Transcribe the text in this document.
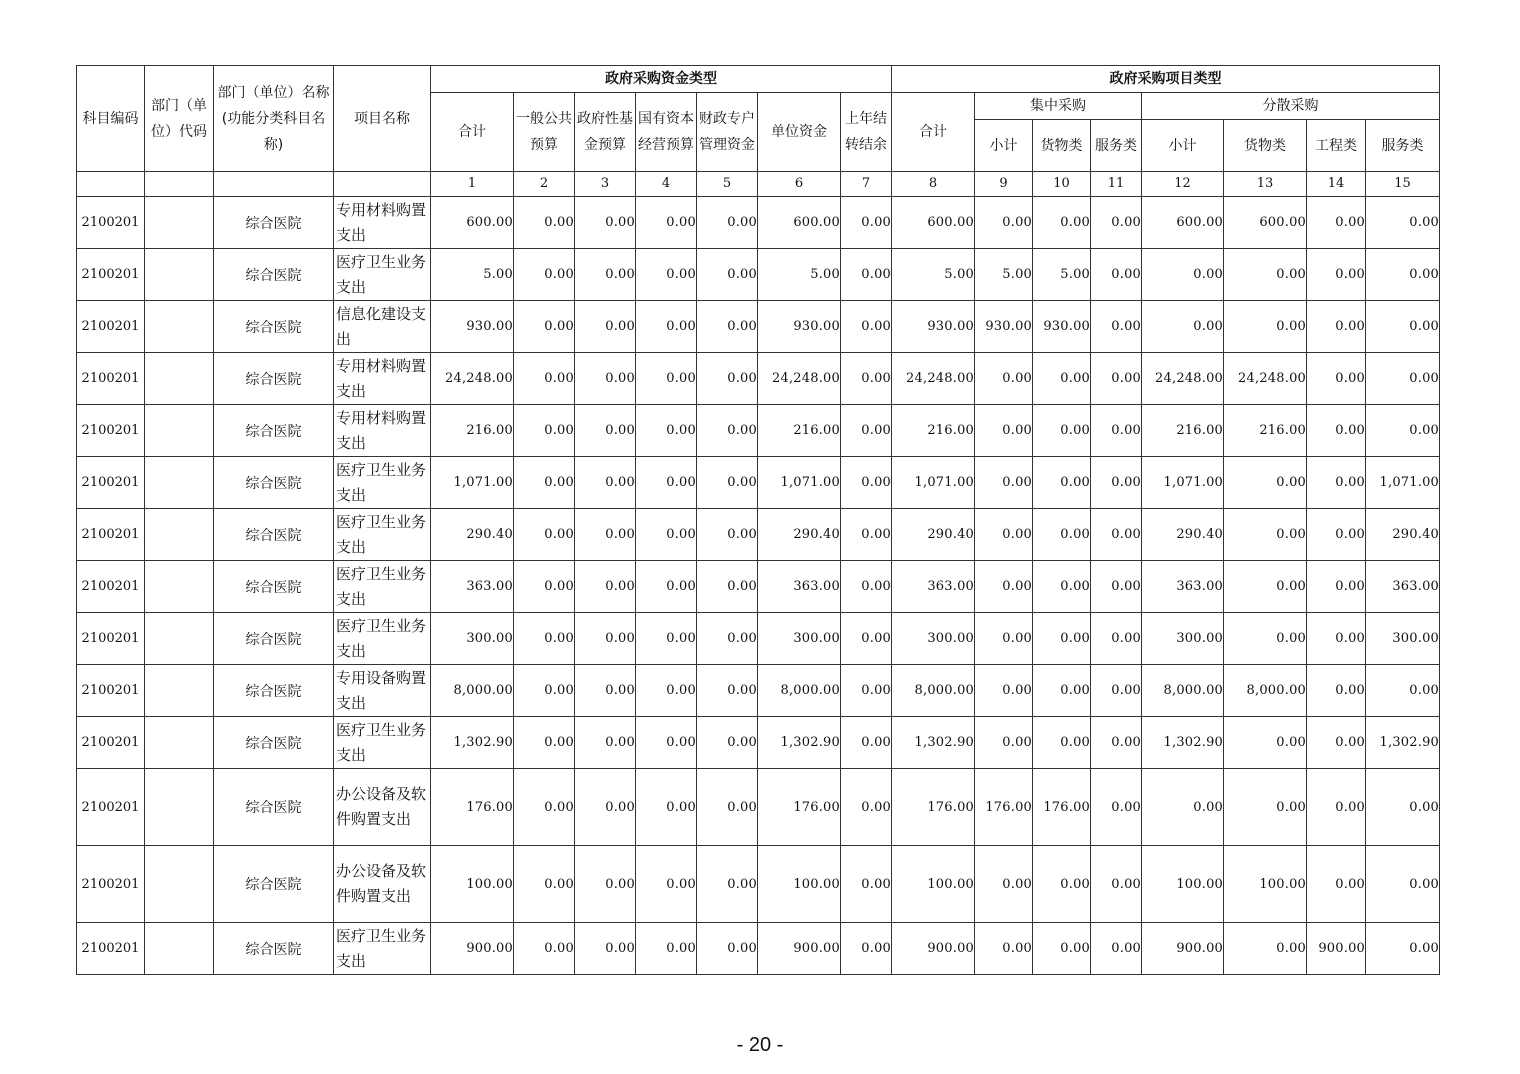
科目编码	部门（单位）代码	部门（单位）名称(功能分类科目名称)	项目名称	政府采购资金类型							政府采购项目类型							
				合计	一般公共预算	政府性基金预算	国有资本经营预算	财政专户管理资金	单位资金	上年结转结余	合计	集中采购			分散采购			
												小计	货物类	服务类	小计	货物类	工程类	服务类
				1	2	3	4	5	6	7	8	9	10	11	12	13	14	15
2100201		综合医院	专用材料购置支出	600.00	0.00	0.00	0.00	0.00	600.00	0.00	600.00	0.00	0.00	0.00	600.00	600.00	0.00	0.00
2100201		综合医院	医疗卫生业务支出	5.00	0.00	0.00	0.00	0.00	5.00	0.00	5.00	5.00	5.00	0.00	0.00	0.00	0.00	0.00
2100201		综合医院	信息化建设支出	930.00	0.00	0.00	0.00	0.00	930.00	0.00	930.00	930.00	930.00	0.00	0.00	0.00	0.00	0.00
2100201		综合医院	专用材料购置支出	24,248.00	0.00	0.00	0.00	0.00	24,248.00	0.00	24,248.00	0.00	0.00	0.00	24,248.00	24,248.00	0.00	0.00
2100201		综合医院	专用材料购置支出	216.00	0.00	0.00	0.00	0.00	216.00	0.00	216.00	0.00	0.00	0.00	216.00	216.00	0.00	0.00
2100201		综合医院	医疗卫生业务支出	1,071.00	0.00	0.00	0.00	0.00	1,071.00	0.00	1,071.00	0.00	0.00	0.00	1,071.00	0.00	0.00	1,071.00
2100201		综合医院	医疗卫生业务支出	290.40	0.00	0.00	0.00	0.00	290.40	0.00	290.40	0.00	0.00	0.00	290.40	0.00	0.00	290.40
2100201		综合医院	医疗卫生业务支出	363.00	0.00	0.00	0.00	0.00	363.00	0.00	363.00	0.00	0.00	0.00	363.00	0.00	0.00	363.00
2100201		综合医院	医疗卫生业务支出	300.00	0.00	0.00	0.00	0.00	300.00	0.00	300.00	0.00	0.00	0.00	300.00	0.00	0.00	300.00
2100201		综合医院	专用设备购置支出	8,000.00	0.00	0.00	0.00	0.00	8,000.00	0.00	8,000.00	0.00	0.00	0.00	8,000.00	8,000.00	0.00	0.00
2100201		综合医院	医疗卫生业务支出	1,302.90	0.00	0.00	0.00	0.00	1,302.90	0.00	1,302.90	0.00	0.00	0.00	1,302.90	0.00	0.00	1,302.90
2100201		综合医院	办公设备及软件购置支出	176.00	0.00	0.00	0.00	0.00	176.00	0.00	176.00	176.00	176.00	0.00	0.00	0.00	0.00	0.00
2100201		综合医院	办公设备及软件购置支出	100.00	0.00	0.00	0.00	0.00	100.00	0.00	100.00	0.00	0.00	0.00	100.00	100.00	0.00	0.00
2100201		综合医院	医疗卫生业务支出	900.00	0.00	0.00	0.00	0.00	900.00	0.00	900.00	0.00	0.00	0.00	900.00	0.00	900.00	0.00
- 20 -
